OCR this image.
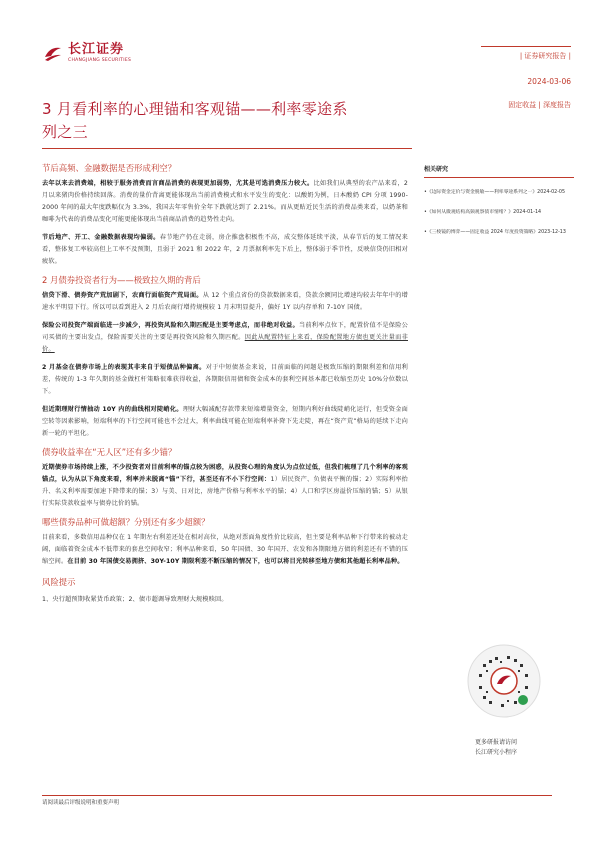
长江证券
CHANGJIANG SECURITIES
| 证券研究报告 |
2024-03-06
固定收益 | 深度报告
3 月看利率的心理锚和客观锚——利率零途系
列之三
节后高频、金融数据是否形成利空？

去年以来去消费端，相较于服务消费而言商品消费的表现更加弱势，尤其是可选消费压力较大。比如我们从典型的农产品来看，2 月以来猪肉价格持续回落。消费的量价背离更能体现出当前消费模式和水平发生的变化：以酸奶为例，日本酸奶 CPI 分项 1990-2000 年间的最大年度跌幅仅为 3.3%，我国去年零售价全年下跌就达到了 2.21%。而从更贴近民生活的消费品类来看，以奶茶和咖啡为代表的消费品变化可能更能体现出当前商品消费的趋势性走向。

节后地产、开工、金融数据表现均偏弱。春节地产仍在走弱，房企推盘积极性不高，成交整体延续平淡，从春节后的复工情况来看，整体复工率较高但上工率不及预期，且弱于 2021 和 2022 年，2 月票据利率先下后上，整体弱于季节性，反映信贷仍旧相对疲软。

2 月债券投资者行为——极致拉久期的背后

信贷下滑、债券资产荒加剧下，农商行面临资产荒局面。从 12 个重点省份的贷款数据来看，贷款余额同比增速均较去年年中的增速水平明显下行。所以可以看到进入 2 月后农商行增持规模较 1 月末明显提升，偏好 1Y 以内存单和 7-10Y 国债。

保险公司投资产端面临进一步减少，再投资风险和久期匹配是主要考虑点，而非绝对收益。当前利率点位下，配置价值不是保险公司买债的主要出发点，保险需要关注的主要是再投资风险和久期匹配。因此从配置特征上来看，保险配置地方债也更关注量而非价。

2 月基金在债券市场上的表现其非来自于短债品种偏离。对于中短债基金来说，目前面临的问题是极致压缩的期限利差和信用利差，传统的 1-3 年久期的基金做杠杆策略很难获得收益，各期限信用债和资金成本的套利空间基本都已收缩至历史 10%分位数以下。

但近期理财行情抽动 10Y 内的曲线相对陡峭化。理财大幅减配存款带来短端增量资金，短期内利好曲线陡峭化运行，但受资金面空转等因素影响，短端利率的下行空间可能也不会过大，利率曲线可能在短端利率补降下先走陡，再在“资产荒”格局的延续下走向新一轮的平坦化。

债券收益率在“无人区”还有多少锚？

近期债券市场持续上涨，不少投资者对目前利率的锚点较为困惑，从投资心理的角度认为点位过低，但我们梳理了几个利率的客观锚点，认为从以下角度来看，利率并未脱离“锚”下行，甚至还有不小下行空间：1）居民资产、负债表平衡的锚；2）实际利率抬升、名义利率需要加速下降带来的锚；3）与美、日对比，房地产价格与利率水平的锚；4）人口和学区房溢价压缩的锚；5）从银行实际贷款收益率与债券比价的锚。

哪些债券品种可做超额？分别还有多少超额？

目前来看，多数信用品种仅在 1 年期左右利差还处在相对高位，从绝对票面角度性价比较高，但主要是利率品种下行带来的被动走阔，面临着资金成本不低带来的套息空间收窄；利率品种来看，50 年国债、30 年国开、农发和各期限地方债的利差还有不错的压缩空间。在目前 30 年国债交易拥挤、30Y-10Y 期限利差不断压缩的情况下，也可以将目光转移至地方债和其他超长利率品种。

风险提示

1、央行超预期收紧货币政策；2、债市超调导致理财大规模赎回。

相关研究
•《边际资金定价与资金脱敏——利率零途系列之一》2024-02-05
•《如何从微观结构高频观察债市情绪？》2024-01-14
•《三棱镜的博弈——固定收益 2024 年度投资策略》2023-12-13
更多研报请访问
长江研究小程序
请阅读最后评级说明和重要声明
